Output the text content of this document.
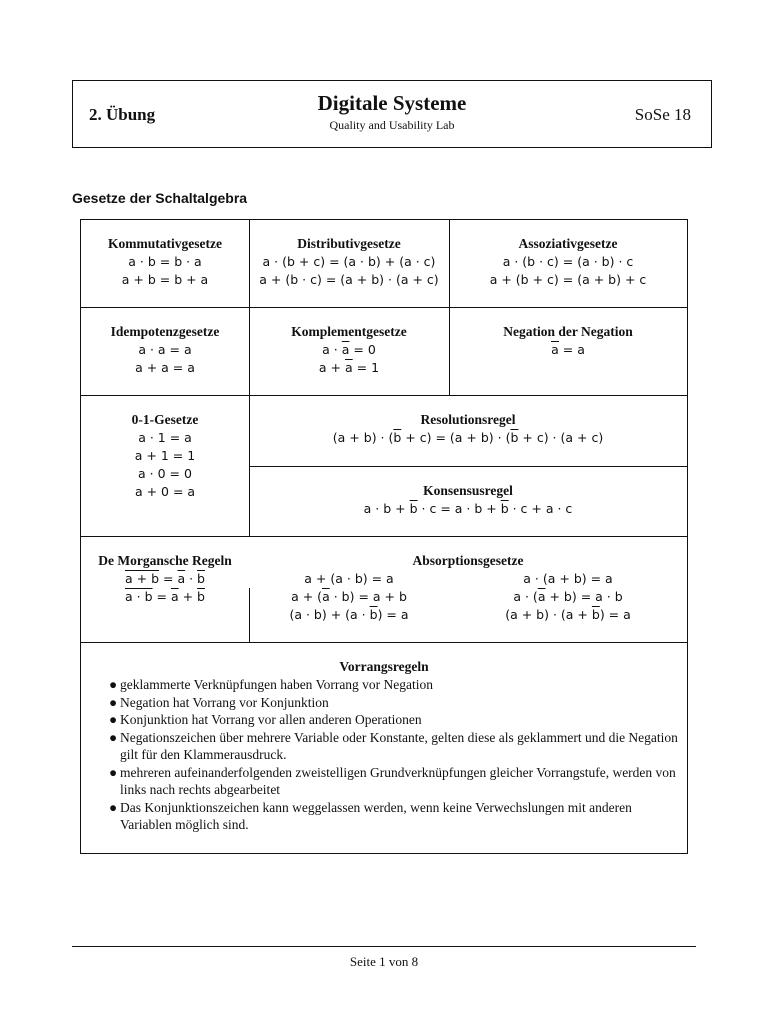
2. Übung	Digitale Systeme
Quality and Usability Lab
SoSe 18
Gesetze der Schaltalgebra
Kommutativgesetze
a · b = b · a
a + b = b + a
Distributivgesetze
a · (b + c) = (a · b) + (a · c)
a + (b · c) = (a + b) · (a + c)
Assoziativgesetze
a · (b · c) = (a · b) · c
a + (b + c) = (a + b) + c
Idempotenzgesetze
a · a = a
a + a = a
Komplementgesetze
$a \cdot \overline{a} = 0$
$a + \overline{a} = 1$
Negation der Negation
$\overline{a} = a$
0-1-Gesetze
a · 1 = a
a + 1 = 1
a · 0 = 0
a + 0 = a
Resolutionsregel
$(a + b) \cdot (\overline{b} + c) = (a + b) \cdot (\overline{b} + c) \cdot (a + c)$
Konsensusregel
$a \cdot b + \overline{b} \cdot c = a \cdot b + \overline{b} \cdot c + a \cdot c$
De Morgansche Regeln
$a + b = \overline{a} \cdot \overline{b}$
$a \cdot b = \overline{a} + \overline{b}$
Absorptionsgesetze
a + (a · b) = a
$a + (\overline{a} \cdot b) = a + b$
$(a \cdot b) + (a \cdot \overline{b}) = a$
a · (a + b) = a
$a \cdot (\overline{a} + b) = a \cdot b$
$(a + b) \cdot (a + \overline{b}) = a$
Vorrangsregeln
● geklammerte Verknüpfungen haben Vorrang vor Negation
● Negation hat Vorrang vor Konjunktion
● Konjunktion hat Vorrang vor allen anderen Operationen
● Negationszeichen über mehrere Variable oder Konstante, gelten diese als geklammert und die Negation gilt für den Klammerausdruck.
● mehreren aufeinanderfolgenden zweistelligen Grundverknüpfungen gleicher Vorrangstufe, werden von links nach rechts abgearbeitet
● Das Konjunktionszeichen kann weggelassen werden, wenn keine Verwechslungen mit anderen Variablen möglich sind.
Seite 1 von 8
